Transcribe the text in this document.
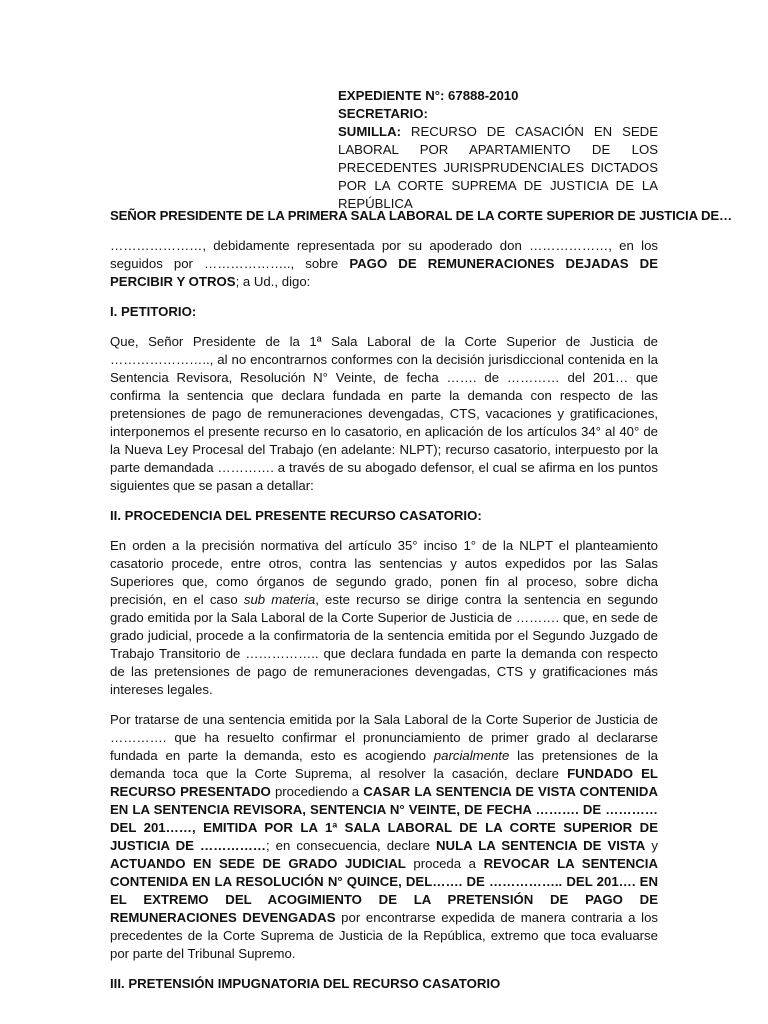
EXPEDIENTE N°: 67888-2010
SECRETARIO:
SUMILLA: RECURSO DE CASACIÓN EN SEDE LABORAL POR APARTAMIENTO DE LOS PRECEDENTES JURISPRUDENCIALES DICTADOS POR LA CORTE SUPREMA DE JUSTICIA DE LA REPÚBLICA

SEÑOR PRESIDENTE DE LA PRIMERA SALA LABORAL DE LA CORTE SUPERIOR DE JUSTICIA DE…

…………………, debidamente representada por su apoderado don ………………, en los seguidos por ……………….., sobre PAGO DE REMUNERACIONES DEJADAS DE PERCIBIR Y OTROS; a Ud., digo:

I. PETITORIO:

Que, Señor Presidente de la 1ª Sala Laboral de la Corte Superior de Justicia de ………………….., al no encontrarnos conformes con la decisión jurisdiccional contenida en la Sentencia Revisora, Resolución N° Veinte, de fecha ……. de ………… del 201… que confirma la sentencia que declara fundada en parte la demanda con respecto de las pretensiones de pago de remuneraciones devengadas, CTS, vacaciones y gratificaciones, interponemos el presente recurso en lo casatorio, en aplicación de los artículos 34° al 40° de la Nueva Ley Procesal del Trabajo (en adelante: NLPT); recurso casatorio, interpuesto por la parte demandada …………. a través de su abogado defensor, el cual se afirma en los puntos siguientes que se pasan a detallar:

II. PROCEDENCIA DEL PRESENTE RECURSO CASATORIO:

En orden a la precisión normativa del artículo 35° inciso 1° de la NLPT el planteamiento casatorio procede, entre otros, contra las sentencias y autos expedidos por las Salas Superiores que, como órganos de segundo grado, ponen fin al proceso, sobre dicha precisión, en el caso sub materia, este recurso se dirige contra la sentencia en segundo grado emitida por la Sala Laboral de la Corte Superior de Justicia de ………. que, en sede de grado judicial, procede a la confirmatoria de la sentencia emitida por el Segundo Juzgado de Trabajo Transitorio de …………….. que declara fundada en parte la demanda con respecto de las pretensiones de pago de remuneraciones devengadas, CTS y gratificaciones más intereses legales.

Por tratarse de una sentencia emitida por la Sala Laboral de la Corte Superior de Justicia de …………. que ha resuelto confirmar el pronunciamiento de primer grado al declararse fundada en parte la demanda, esto es acogiendo parcialmente las pretensiones de la demanda toca que la Corte Suprema, al resolver la casación, declare FUNDADO EL RECURSO PRESENTADO procediendo a CASAR LA SENTENCIA DE VISTA CONTENIDA EN LA SENTENCIA REVISORA, SENTENCIA N° VEINTE, DE FECHA ………. DE ………… DEL 201……, EMITIDA POR LA 1ª SALA LABORAL DE LA CORTE SUPERIOR DE JUSTICIA DE ……………; en consecuencia, declare NULA LA SENTENCIA DE VISTA y ACTUANDO EN SEDE DE GRADO JUDICIAL proceda a REVOCAR LA SENTENCIA CONTENIDA EN LA RESOLUCIÓN N° QUINCE, DEL……. DE …………….. DEL 201…. EN EL EXTREMO DEL ACOGIMIENTO DE LA PRETENSIÓN DE PAGO DE REMUNERACIONES DEVENGADAS por encontrarse expedida de manera contraria a los precedentes de la Corte Suprema de Justicia de la República, extremo que toca evaluarse por parte del Tribunal Supremo.

III. PRETENSIÓN IMPUGNATORIA DEL RECURSO CASATORIO
